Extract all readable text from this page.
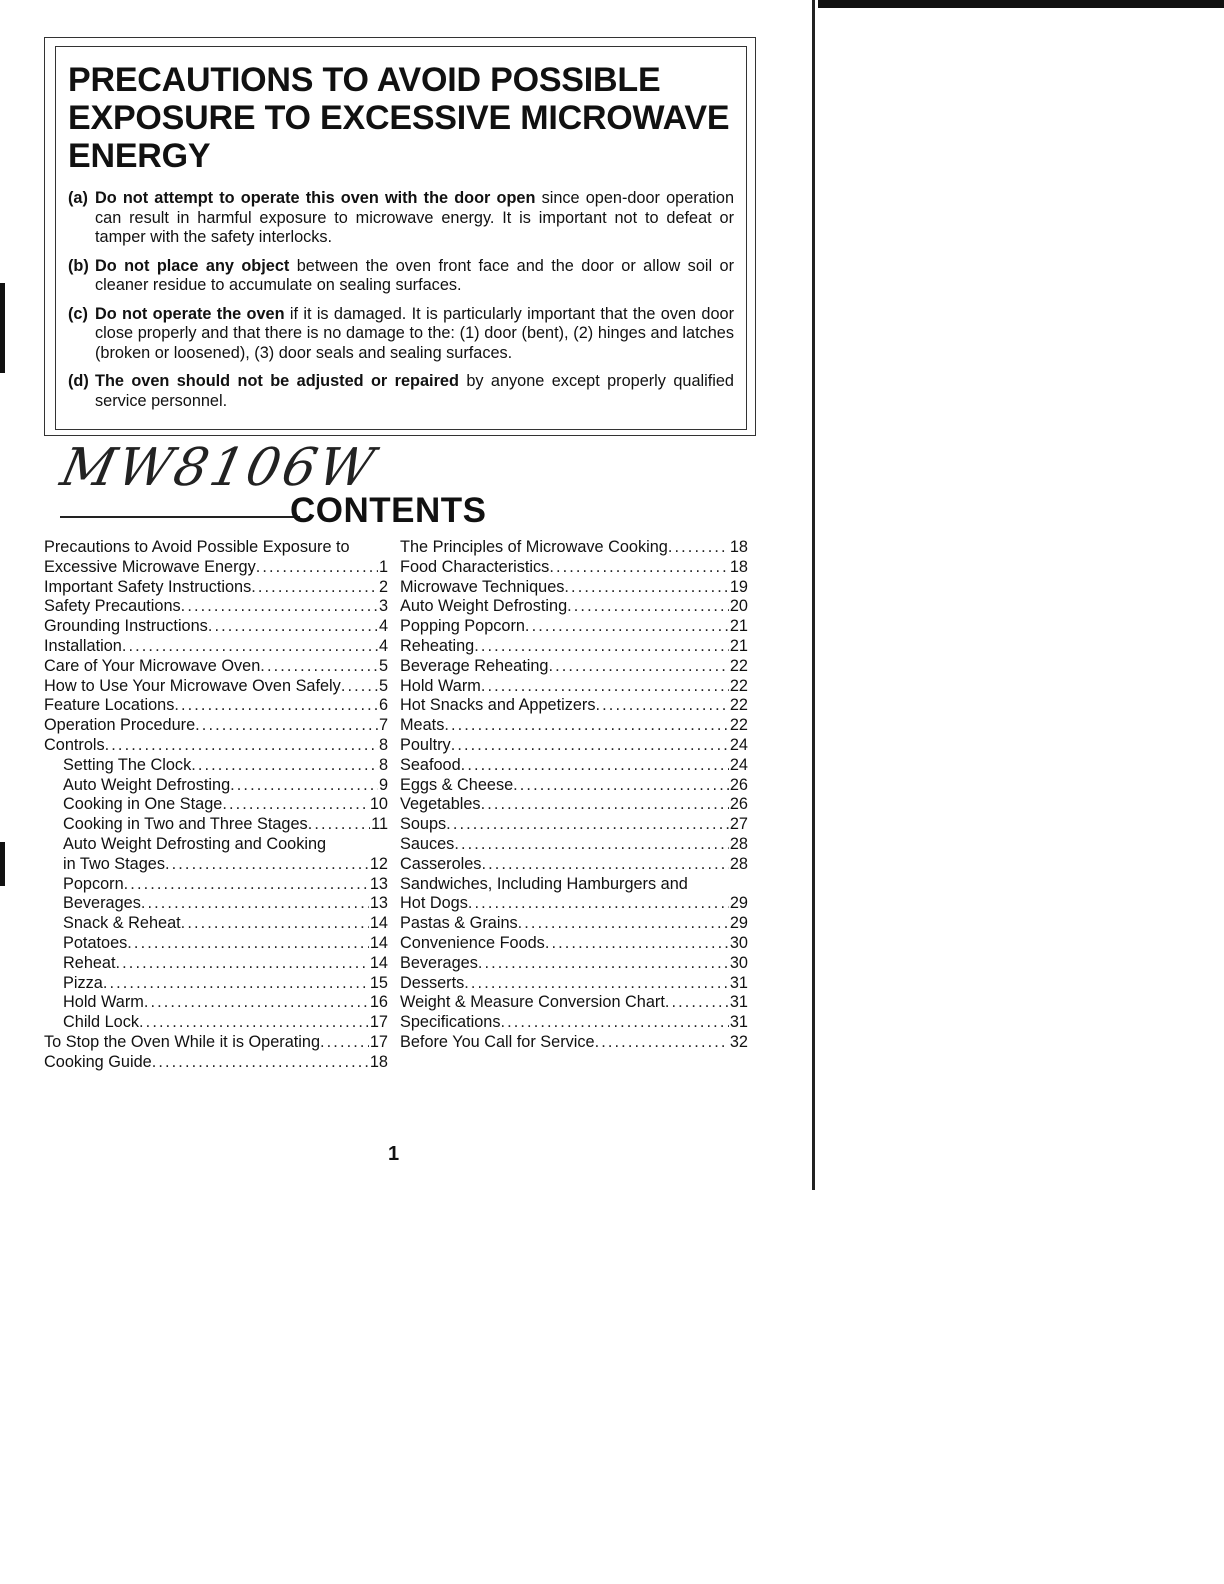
PRECAUTIONS TO AVOID POSSIBLE EXPOSURE TO EXCESSIVE MICROWAVE ENERGY
(a) Do not attempt to operate this oven with the door open since open-door operation can result in harmful exposure to microwave energy. It is important not to defeat or tamper with the safety interlocks.
(b) Do not place any object between the oven front face and the door or allow soil or cleaner residue to accumulate on sealing surfaces.
(c) Do not operate the oven if it is damaged. It is particularly important that the oven door close properly and that there is no damage to the: (1) door (bent), (2) hinges and latches (broken or loosened), (3) door seals and sealing surfaces.
(d) The oven should not be adjusted or repaired by anyone except properly qualified service personnel.
MW8106W
CONTENTS
Precautions to Avoid Possible Exposure to
Excessive Microwave Energy . . .	1
Important Safety Instructions . . .	2
Safety Precautions . . .	3
Grounding Instructions . . .	4
Installation . . .	4
Care of Your Microwave Oven . . .	5
How to Use Your Microwave Oven Safely . . . 5
Feature Locations . . .	6
Operation Procedure . . .	7
Controls . . .	8
Setting The Clock . . .	8
Auto Weight Defrosting . . .	9
Cooking in One Stage . . .	10
Cooking in Two and Three Stages . . .	11
Auto Weight Defrosting and Cooking
in Two Stages . . .	12
Popcorn . . .	13
Beverages . . .	13
Snack & Reheat . . .	14
Potatoes . . .	14
Reheat . . .	14
Pizza . . .	15
Hold Warm . . .	16
Child Lock . . .	17
To Stop the Oven While it is Operating . . .	17
Cooking Guide . . .	18
The Principles of Microwave Cooking . . .	18
Food Characteristics . . .	18
Microwave Techniques . . .	19
Auto Weight Defrosting . . .	20
Popping Popcorn . . .	21
Reheating . . .	21
Beverage Reheating . . .	22
Hold Warm . . .	22
Hot Snacks and Appetizers . . .	22
Meats . . .	22
Poultry . . .	24
Seafood . . .	24
Eggs & Cheese . . .	26
Vegetables . . .	26
Soups . . .	27
Sauces . . .	28
Casseroles . . .	28
Sandwiches, Including Hamburgers and
Hot Dogs . . .	29
Pastas & Grains . . .	29
Convenience Foods . . .	30
Beverages . . .	30
Desserts . . .	31
Weight & Measure Conversion Chart . . .	31
Specifications . . .	31
Before You Call for Service . . .	32
1
